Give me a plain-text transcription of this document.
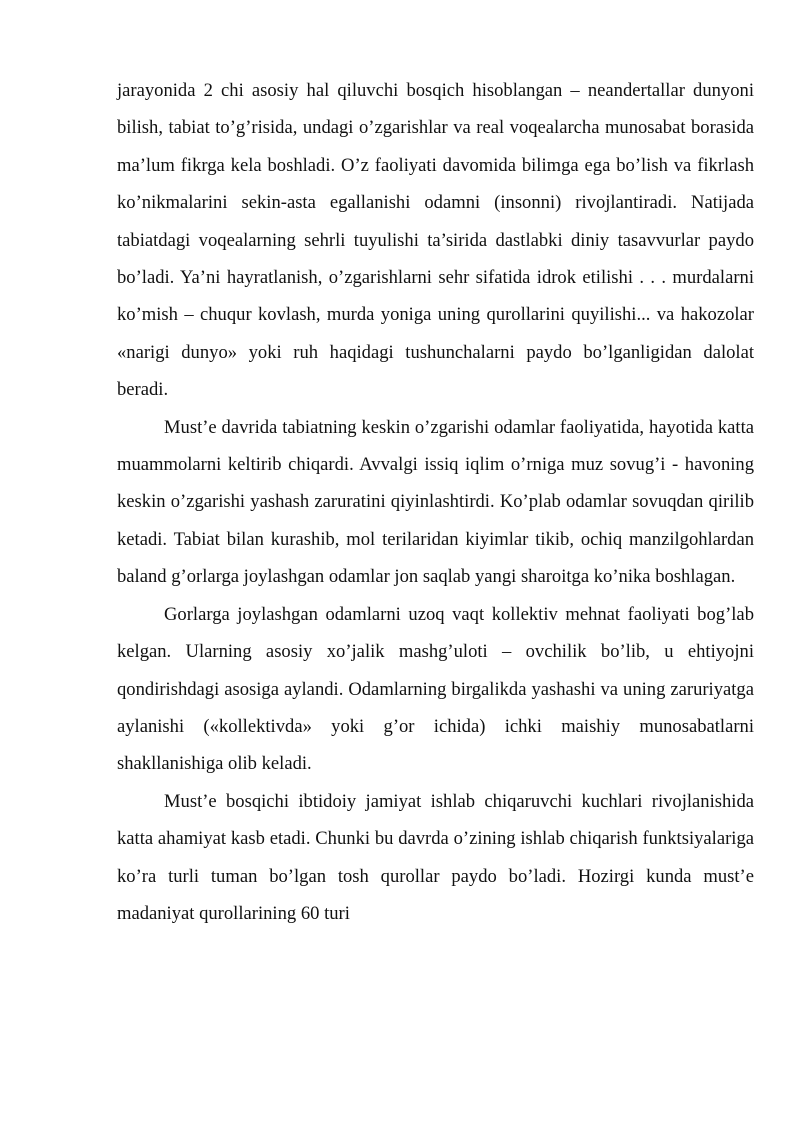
jarayonida 2 chi asosiy hal qiluvchi bosqich hisoblangan – neandertallar dunyoni bilish, tabiat to’g’risida, undagi o’zgarishlar va real voqealarcha munosabat borasida ma’lum fikrga kela boshladi. O’z faoliyati davomida bilimga ega bo’lish va fikrlash ko’nikmalarini sekin-asta egallanishi odamni (insonni) rivojlantiradi. Natijada tabiatdagi voqealarning sehrli tuyulishi ta’sirida dastlabki diniy tasavvurlar paydo bo’ladi. Ya’ni hayratlanish, o’zgarishlarni sehr sifatida idrok etilishi . . . murdalarni ko’mish – chuqur kovlash, murda yoniga uning qurollarini quyilishi... va hakozolar «narigi dunyo» yoki ruh haqidagi tushunchalarni paydo bo’lganligidan dalolat beradi.

Must’e davrida tabiatning keskin o’zgarishi odamlar faoliyatida, hayotida katta muammolarni keltirib chiqardi. Avvalgi issiq iqlim o’rniga muz sovug’i - havoning keskin o’zgarishi yashash zaruratini qiyinlashtirdi. Ko’plab odamlar sovuqdan qirilib ketadi. Tabiat bilan kurashib, mol terilaridan kiyimlar tikib, ochiq manzilgohlardan baland g’orlarga joylashgan odamlar jon saqlab yangi sharoitga ko’nika boshlagan.

Gorlarga joylashgan odamlarni uzoq vaqt kollektiv mehnat faoliyati bog’lab kelgan. Ularning asosiy xo’jalik mashg’uloti – ovchilik bo’lib, u ehtiyojni qondirishdagi asosiga aylandi. Odamlarning birgalikda yashashi va uning zaruriyatga aylanishi («kollektivda» yoki g’or ichida) ichki maishiy munosabatlarni shakllanishiga olib keladi.

Must’e bosqichi ibtidoiy jamiyat ishlab chiqaruvchi kuchlari rivojlanishida katta ahamiyat kasb etadi. Chunki bu davrda o’zining ishlab chiqarish funktsiyalariga ko’ra turli tuman bo’lgan tosh qurollar paydo bo’ladi. Hozirgi kunda must’e madaniyat qurollarining 60 turi
